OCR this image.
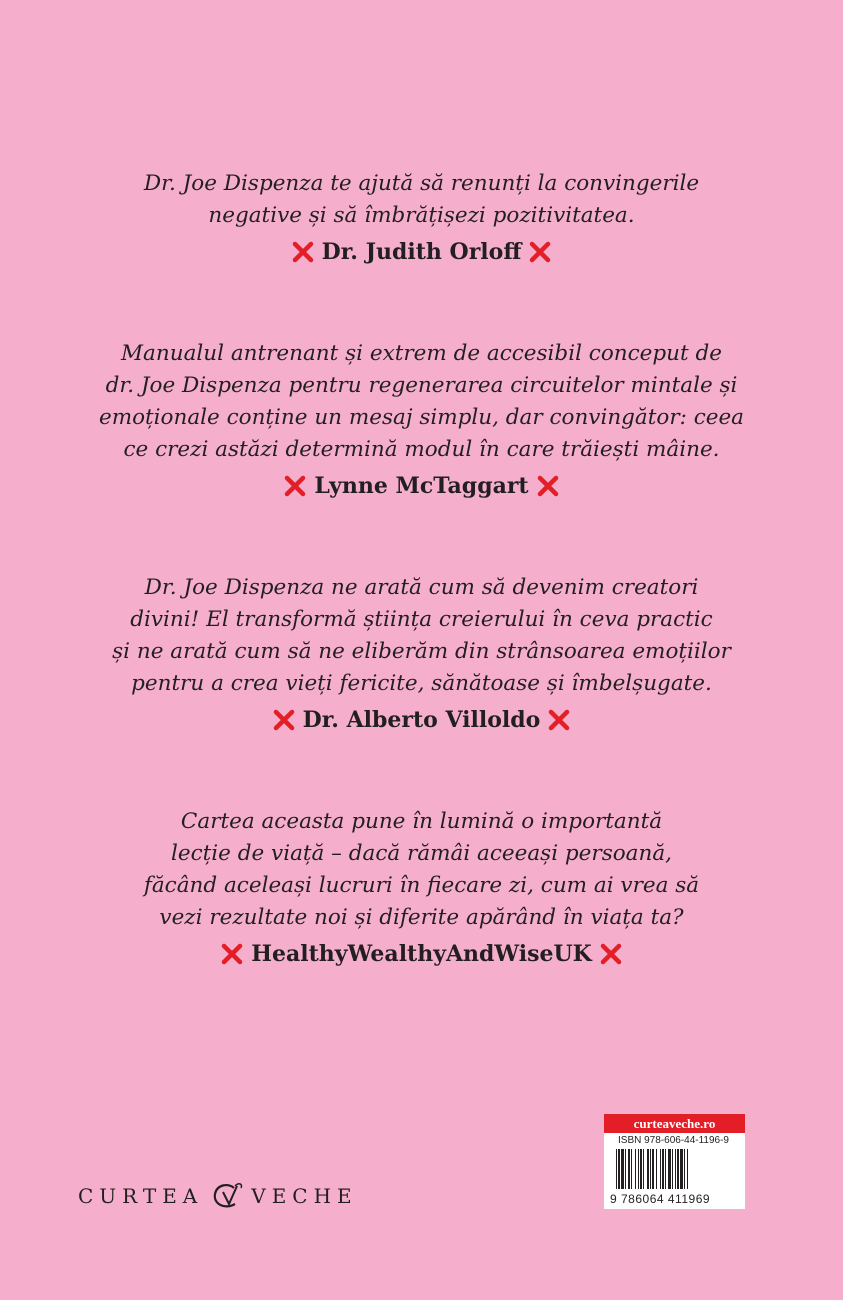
Dr. Joe Dispenza te ajută să renunți la convingerile
negative și să îmbrățișezi pozitivitatea.

Dr. Judith Orloff

Manualul antrenant și extrem de accesibil conceput de
dr. Joe Dispenza pentru regenerarea circuitelor mintale și
emoționale conține un mesaj simplu, dar convingător: ceea
ce crezi astăzi determină modul în care trăiești mâine.

Lynne McTaggart

Dr. Joe Dispenza ne arată cum să devenim creatori
divini! El transformă știința creierului în ceva practic
și ne arată cum să ne eliberăm din strânsoarea emoțiilor
pentru a crea vieți fericite, sănătoase și îmbelșugate.

Dr. Alberto Villoldo

Cartea aceasta pune în lumină o importantă
lecție de viață – dacă rămâi aceeași persoană,
făcând aceleași lucruri în fiecare zi, cum ai vrea să
vezi rezultate noi și diferite apărând în viața ta?

HealthyWealthyAndWiseUK
CURTEA VECHE
curteaveche.ro
ISBN 978-606-44-1196-9
9 786064 411969
